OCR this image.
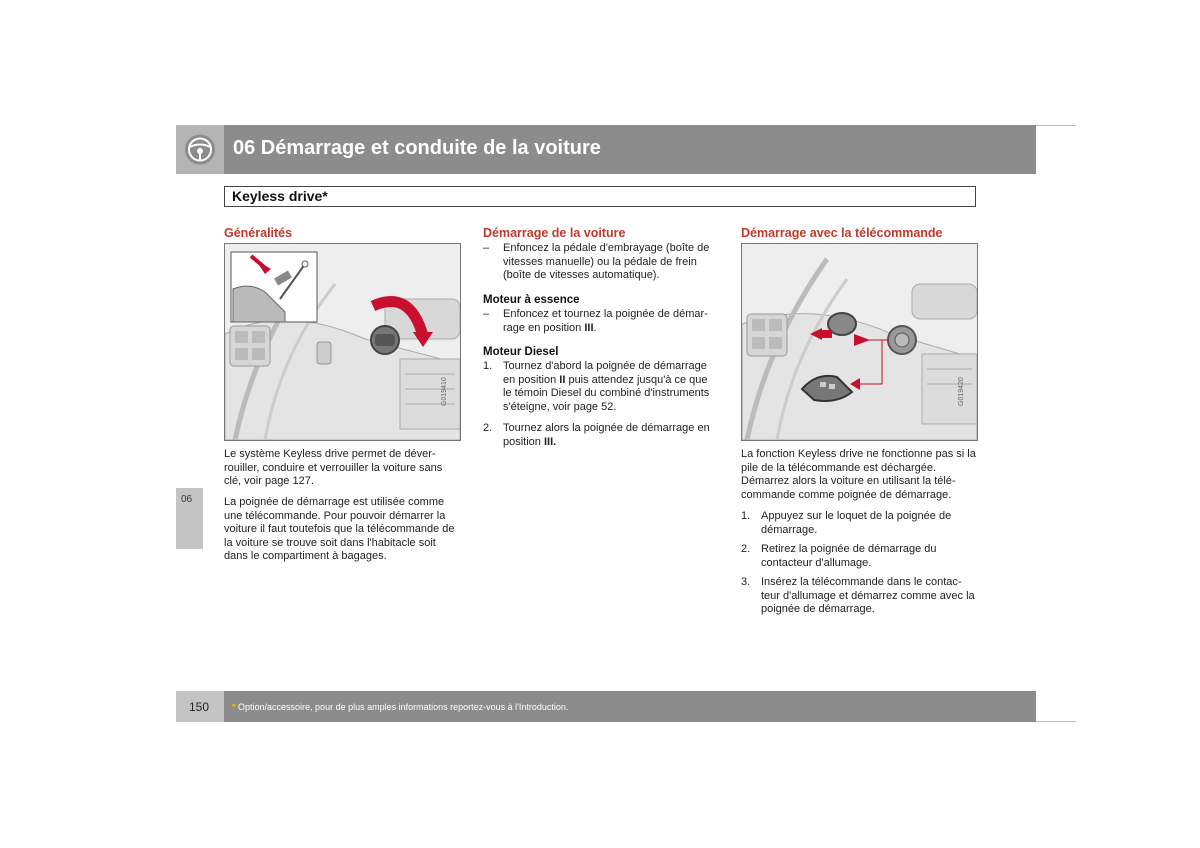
06 Démarrage et conduite de la voiture
Keyless drive*
06
Généralités
G019410
Le système Keyless drive permet de déver-rouiller, conduire et verrouiller la voiture sans clé, voir page 127.
La poignée de démarrage est utilisée comme une télécommande. Pour pouvoir démarrer la voiture il faut toutefois que la télécommande de la voiture se trouve soit dans l'habitacle soit dans le compartiment à bagages.
Démarrage de la voiture
–	Enfoncez la pédale d'embrayage (boîte de vitesses manuelle) ou la pédale de frein (boîte de vitesses automatique).
Moteur à essence
–	Enfoncez et tournez la poignée de démar-rage en position III.
Moteur Diesel
1. Tournez d'abord la poignée de démarrage en position II puis attendez jusqu'à ce que le témoin Diesel du combiné d'instruments s'éteigne, voir page 52.
2. Tournez alors la poignée de démarrage en position III.
Démarrage avec la télécommande
G019420
La fonction Keyless drive ne fonctionne pas si la pile de la télécommande est déchargée. Démarrez alors la voiture en utilisant la télé-commande comme poignée de démarrage.
1. Appuyez sur le loquet de la poignée de démarrage.
2. Retirez la poignée de démarrage du contacteur d'allumage.
3. Insérez la télécommande dans le contac-teur d'allumage et démarrez comme avec la poignée de démarrage.
150	* Option/accessoire, pour de plus amples informations reportez-vous à l'Introduction.
